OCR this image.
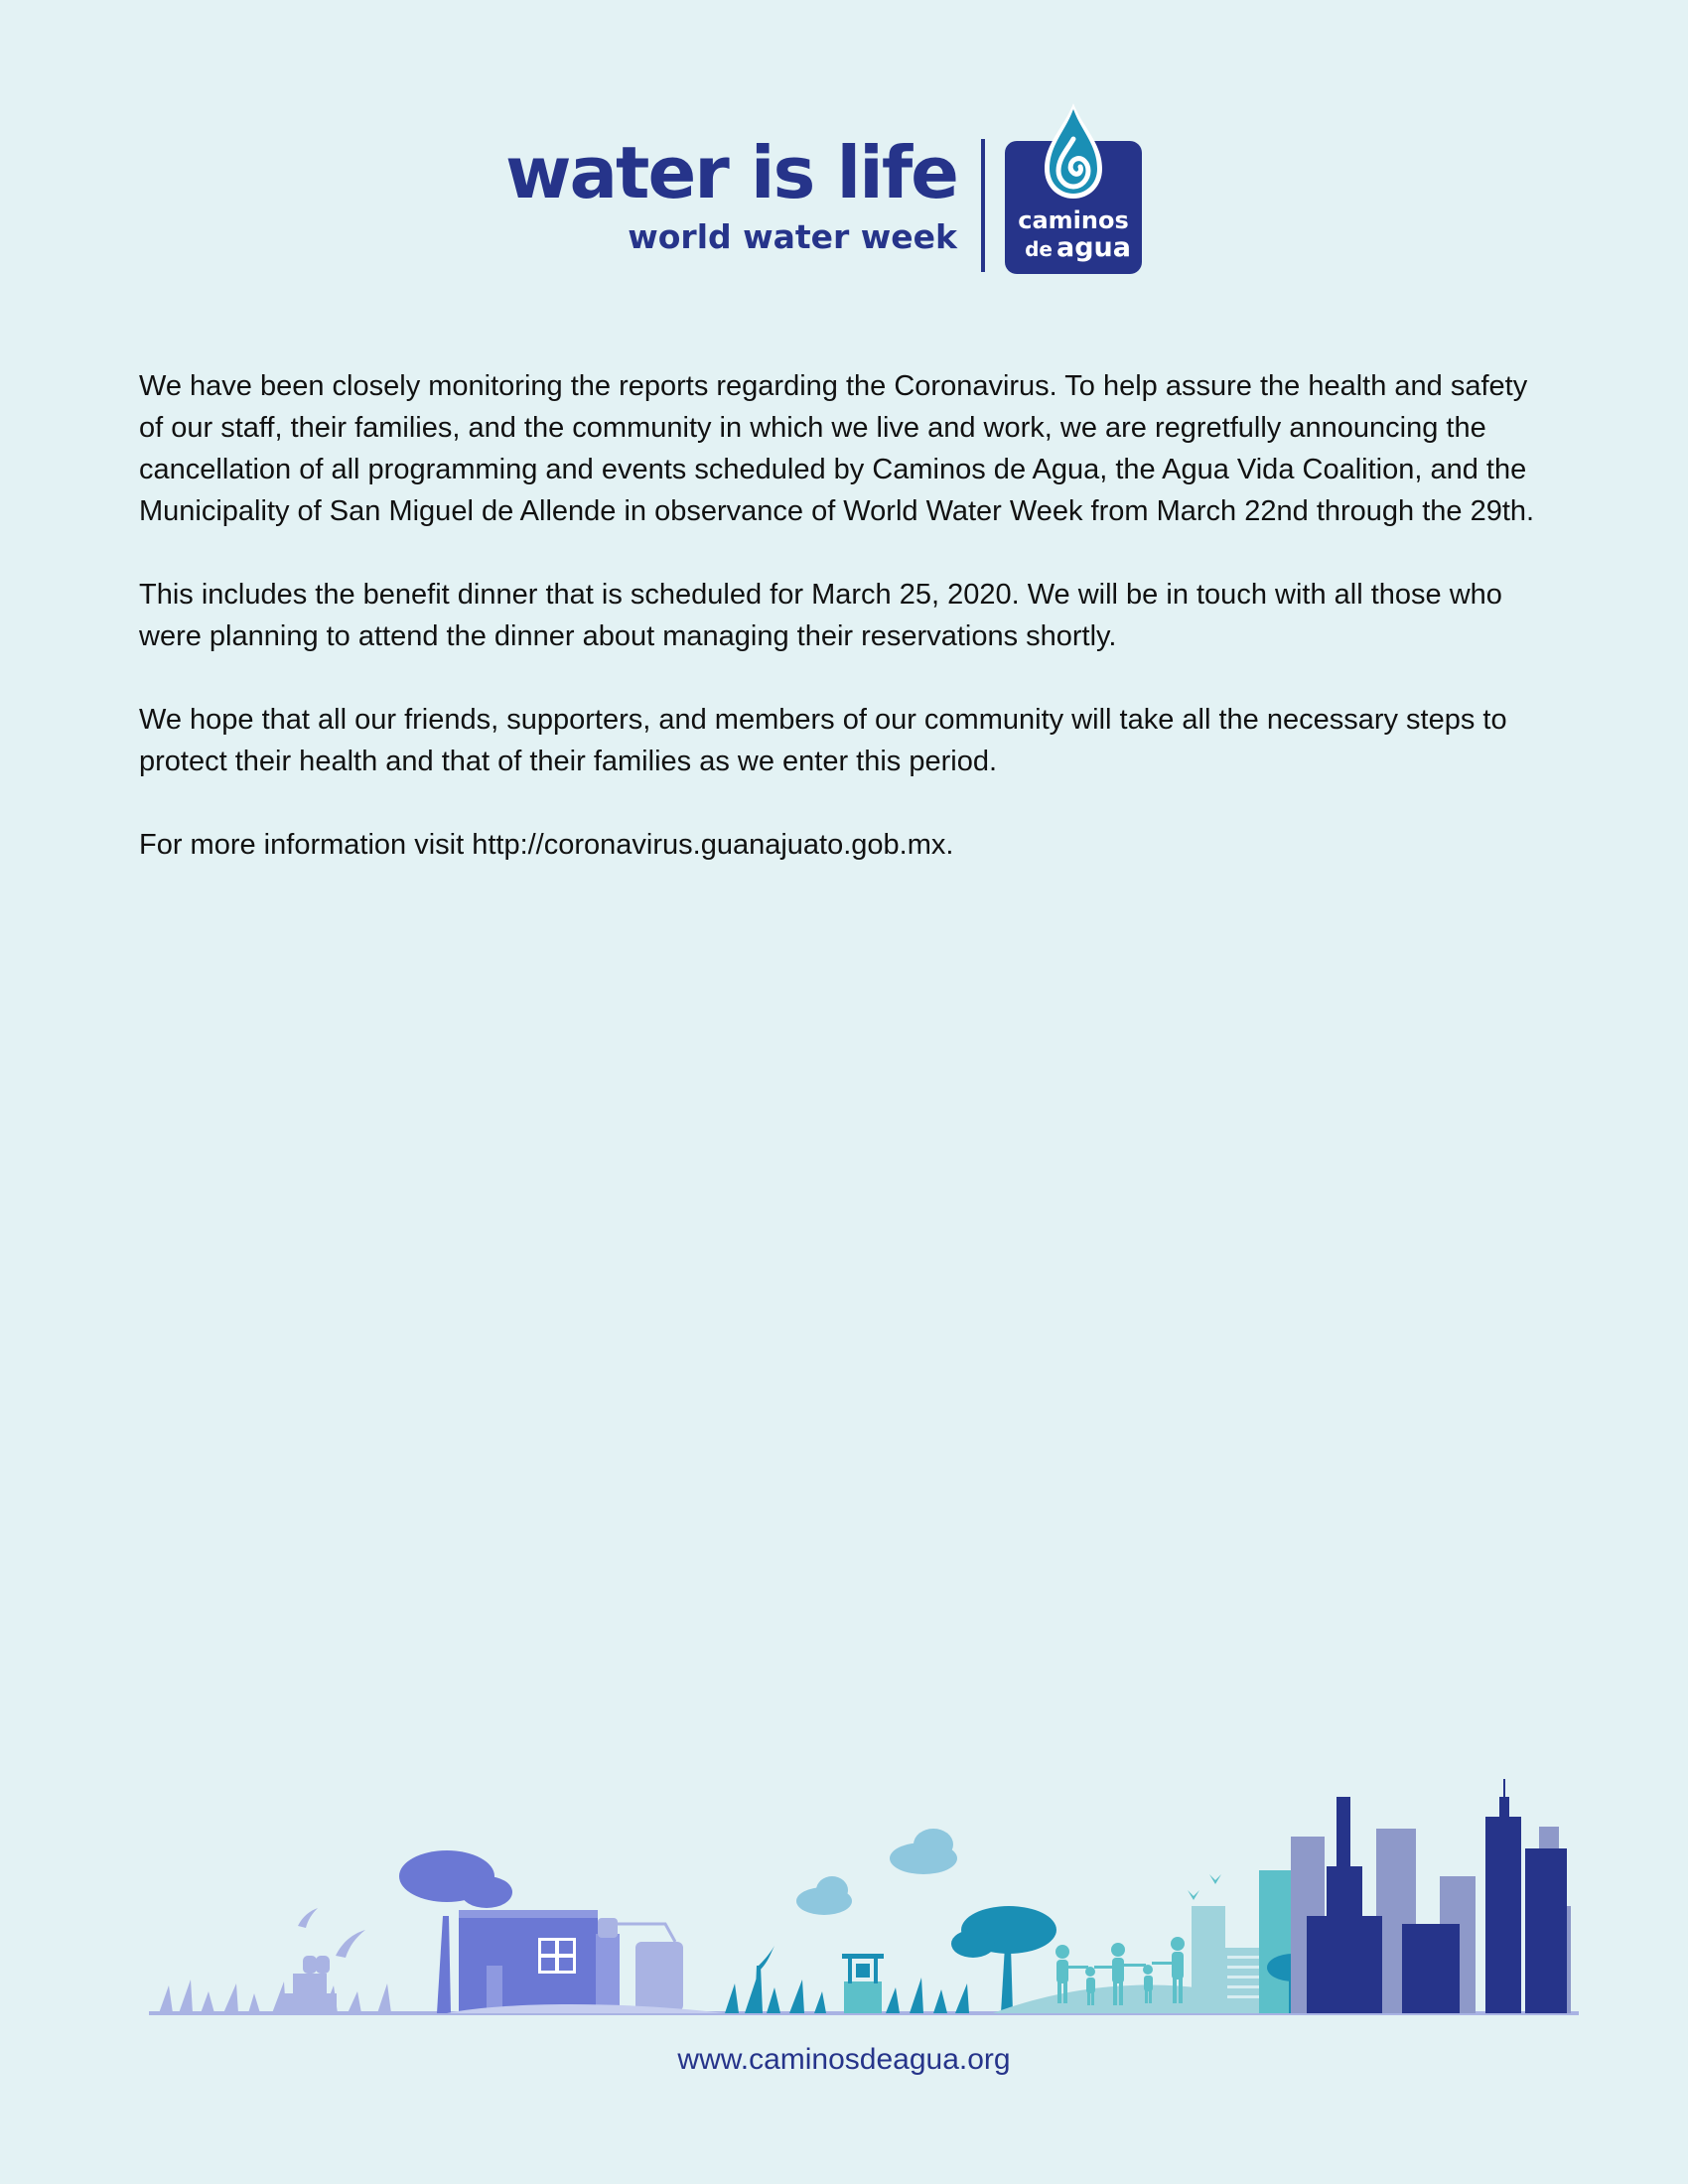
water is life
world water week	caminos
de agua

We have been closely monitoring the reports regarding the Coronavirus. To help assure the health and safety of our staff, their families, and the community in which we live and work, we are regretfully announcing the cancellation of all programming and events scheduled by Caminos de Agua, the Agua Vida Coalition, and the Municipality of San Miguel de Allende in observance of World Water Week from March 22nd through the 29th.

This includes the benefit dinner that is scheduled for March 25, 2020. We will be in touch with all those who were planning to attend the dinner about managing their reservations shortly.

We hope that all our friends, supporters, and members of our community will take all the necessary steps to protect their health and that of their families as we enter this period.

For more information visit http://coronavirus.guanajuato.gob.mx.

www.caminosdeagua.org
